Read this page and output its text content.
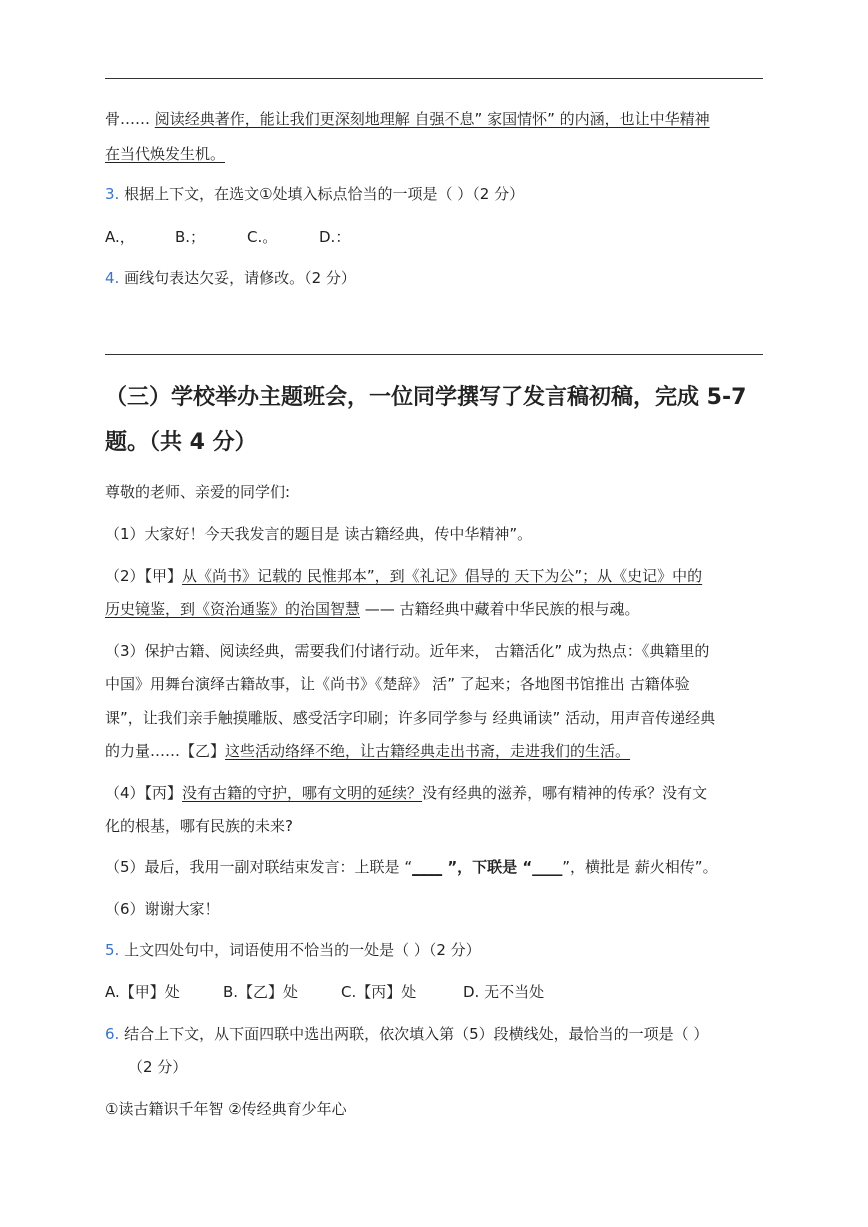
骨…… 阅读经典著作，能让我们更深刻地理解 自强不息” 家国情怀” 的内涵，也让中华精神
在当代焕发生机。
3. 根据上下文，在选文①处填入标点恰当的一项是（ ）（2 分）
A.，	B.；	C.。	D.：
4. 画线句表达欠妥，请修改。（2 分）
（三）学校举办主题班会，一位同学撰写了发言稿初稿，完成 5-7
题。（共 4 分）
尊敬的老师、亲爱的同学们:
（1）大家好！今天我发言的题目是 读古籍经典，传中华精神”。
（2）【甲】从《尚书》记载的 民惟邦本”，到《礼记》倡导的 天下为公”；从《史记》中的
历史镜鉴，到《资治通鉴》的治国智慧 —— 古籍经典中藏着中华民族的根与魂。
（3）保护古籍、阅读经典，需要我们付诸行动。近年来， 古籍活化” 成为热点：《典籍里的
中国》用舞台演绎古籍故事，让《尚书》《楚辞》 活” 了起来；各地图书馆推出 古籍体验
课”，让我们亲手触摸雕版、感受活字印刷；许多同学参与 经典诵读” 活动，用声音传递经典
的力量……【乙】这些活动络绎不绝，让古籍经典走出书斋，走进我们的生活。
（4）【丙】没有古籍的守护，哪有文明的延续？没有经典的滋养，哪有精神的传承？没有文
化的根基，哪有民族的未来?
（5）最后，我用一副对联结束发言：上联是 “____ ”，下联是 “____”，横批是 薪火相传”。
（6）谢谢大家！
5. 上文四处句中，词语使用不恰当的一处是（ ）（2 分）
A.【甲】处	B.【乙】处	C.【丙】处	D. 无不当处
6. 结合上下文，从下面四联中选出两联，依次填入第（5）段横线处，最恰当的一项是（ ）
（2 分）
①读古籍识千年智 ②传经典育少年心
